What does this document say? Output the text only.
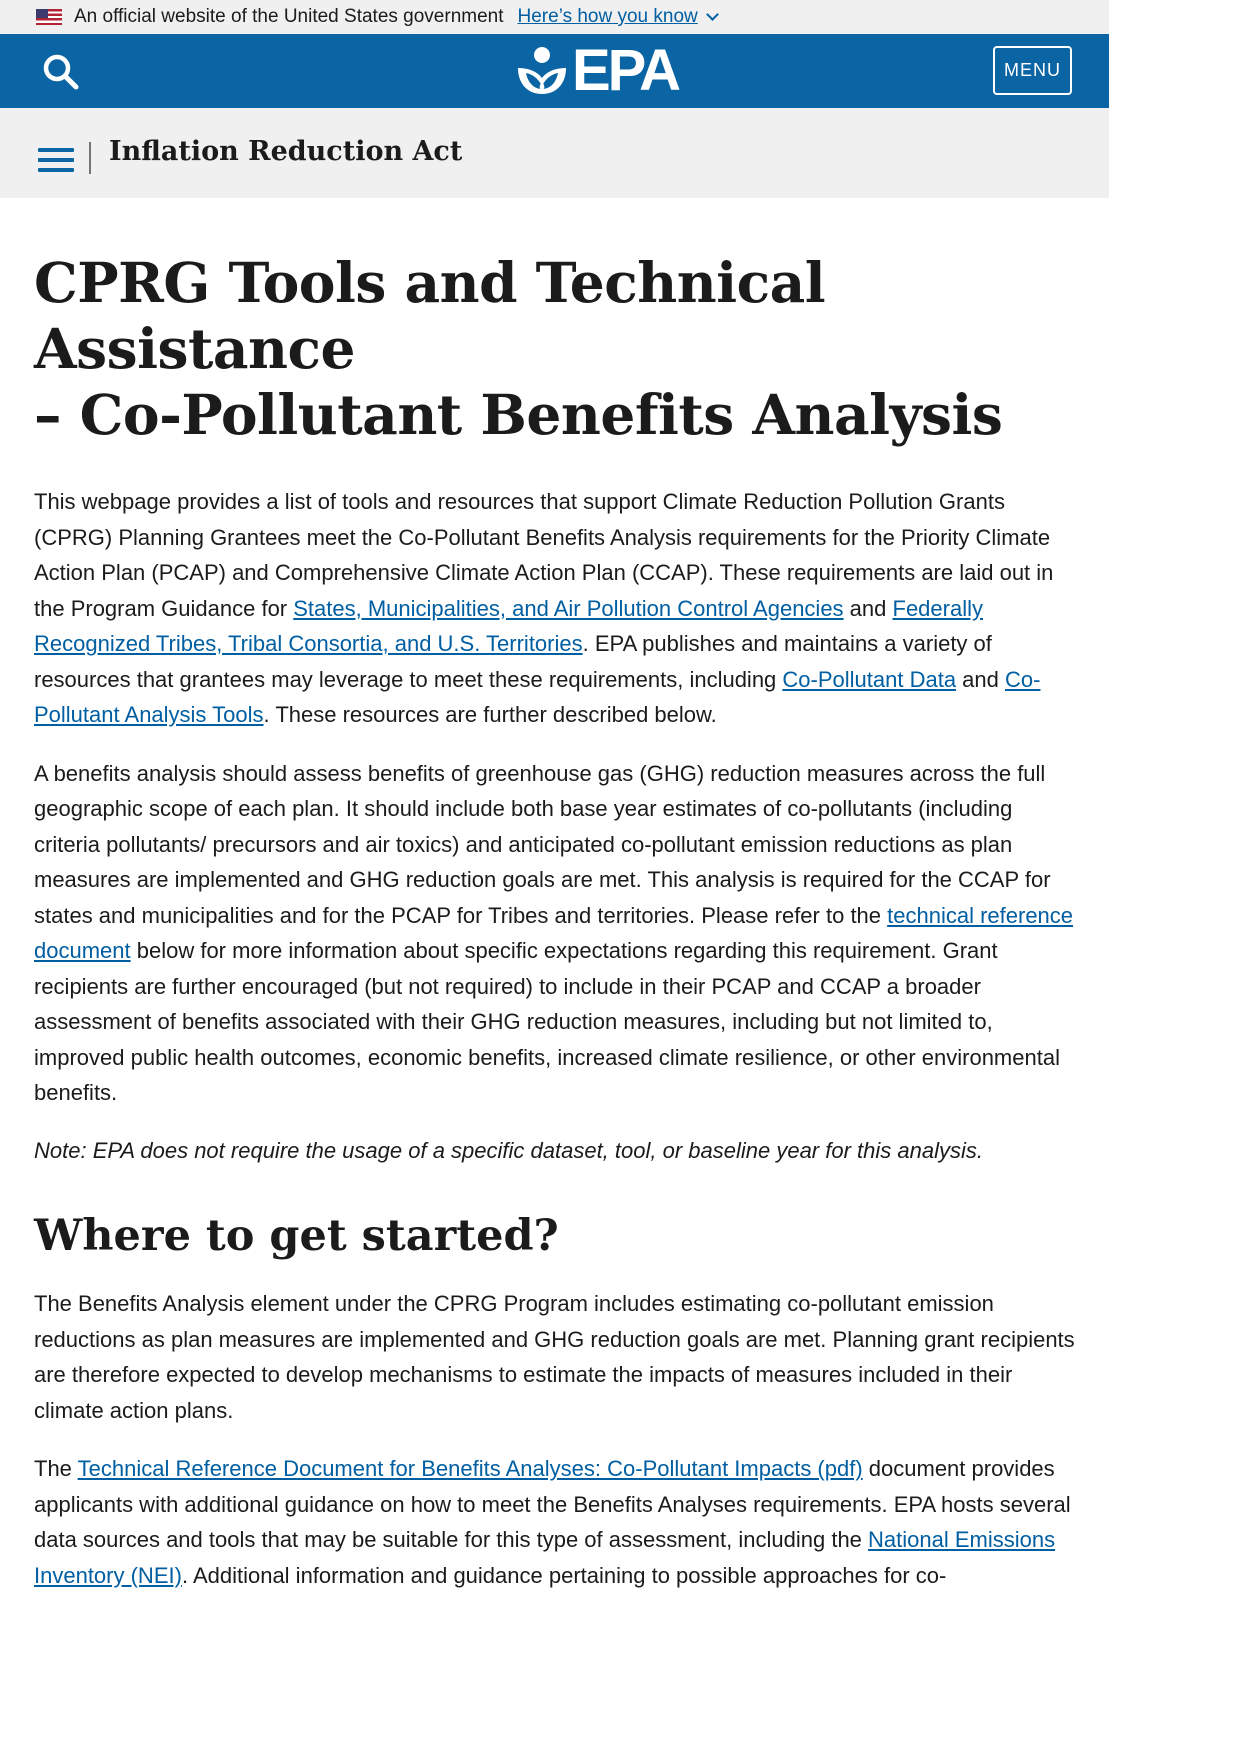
An official website of the United States government Here’s how you know
EPA	MENU
Inflation Reduction Act
CPRG Tools and Technical Assistance
– Co-Pollutant Benefits Analysis

This webpage provides a list of tools and resources that support Climate Reduction Pollution Grants (CPRG) Planning Grantees meet the Co-Pollutant Benefits Analysis requirements for the Priority Climate Action Plan (PCAP) and Comprehensive Climate Action Plan (CCAP). These requirements are laid out in the Program Guidance for States, Municipalities, and Air Pollution Control Agencies and Federally Recognized Tribes, Tribal Consortia, and U.S. Territories. EPA publishes and maintains a variety of resources that grantees may leverage to meet these requirements, including Co-Pollutant Data and Co-Pollutant Analysis Tools. These resources are further described below.

A benefits analysis should assess benefits of greenhouse gas (GHG) reduction measures across the full geographic scope of each plan. It should include both base year estimates of co-pollutants (including criteria pollutants/ precursors and air toxics) and anticipated co-pollutant emission reductions as plan measures are implemented and GHG reduction goals are met. This analysis is required for the CCAP for states and municipalities and for the PCAP for Tribes and territories. Please refer to the technical reference document below for more information about specific expectations regarding this requirement. Grant recipients are further encouraged (but not required) to include in their PCAP and CCAP a broader assessment of benefits associated with their GHG reduction measures, including but not limited to, improved public health outcomes, economic benefits, increased climate resilience, or other environmental benefits.

Note: EPA does not require the usage of a specific dataset, tool, or baseline year for this analysis.

Where to get started?

The Benefits Analysis element under the CPRG Program includes estimating co-pollutant emission reductions as plan measures are implemented and GHG reduction goals are met. Planning grant recipients are therefore expected to develop mechanisms to estimate the impacts of measures included in their climate action plans.

The Technical Reference Document for Benefits Analyses: Co-Pollutant Impacts (pdf) document provides applicants with additional guidance on how to meet the Benefits Analyses requirements. EPA hosts several data sources and tools that may be suitable for this type of assessment, including the National Emissions Inventory (NEI). Additional information and guidance pertaining to possible approaches for co-
